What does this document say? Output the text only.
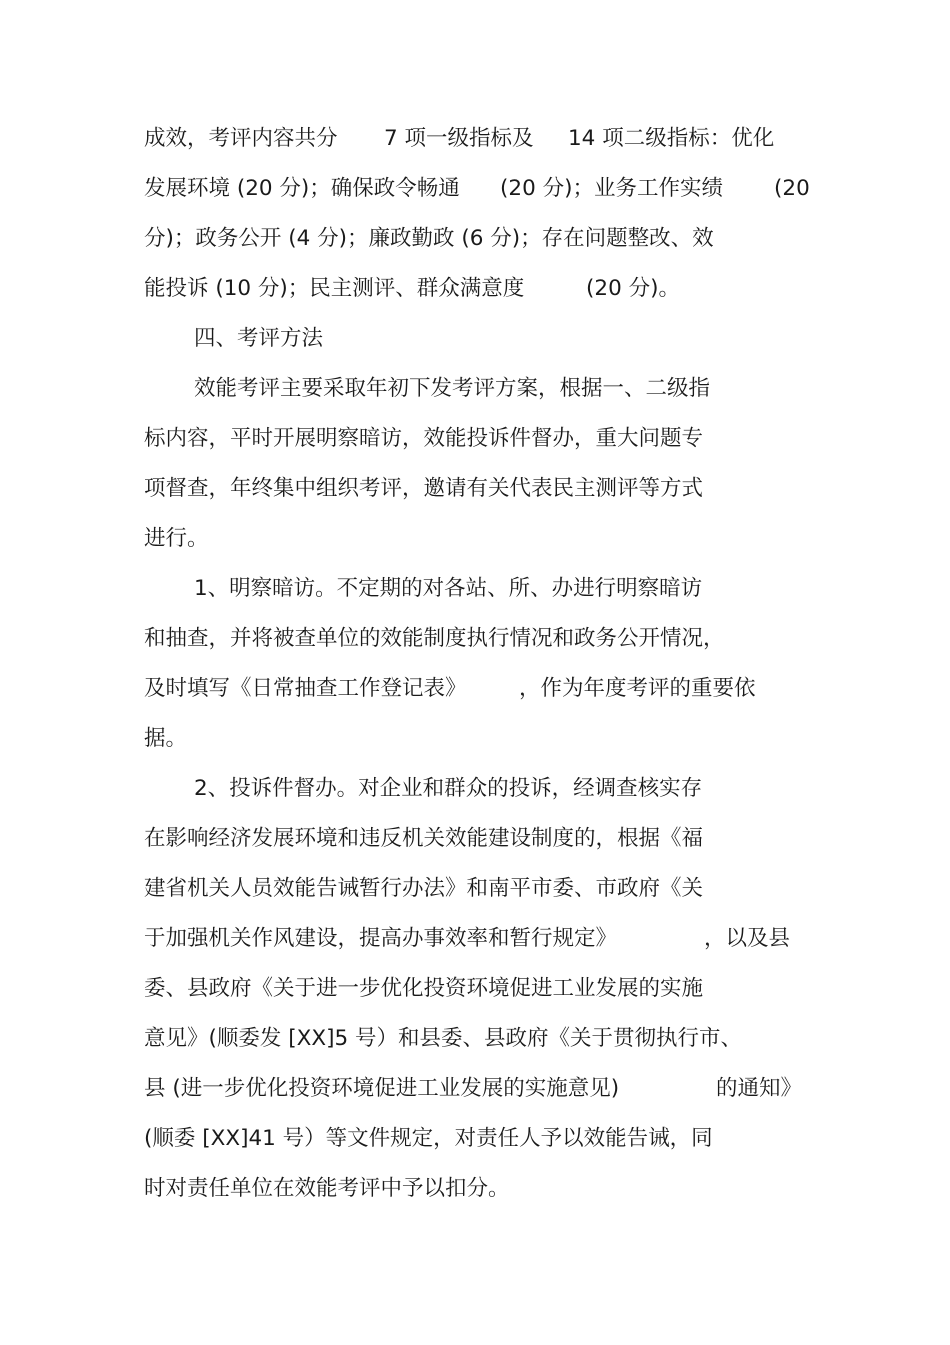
成效，考评内容共分

7 项一级指标及

14 项二级指标：优化

发展环境 (20 分)；确保政令畅通

(20 分)；业务工作实绩

(20

分)；政务公开 (4 分)；廉政勤政 (6 分)；存在问题整改、效

能投诉 (10 分)；民主测评、群众满意度

	(20 分)。

四、考评方法

效能考评主要采取年初下发考评方案，根据一、二级指

标内容，平时开展明察暗访，效能投诉件督办，重大问题专

项督查，年终集中组织考评，邀请有关代表民主测评等方式

进行。

1、明察暗访。不定期的对各站、所、办进行明察暗访

和抽查，并将被查单位的效能制度执行情况和政务公开情况，

及时填写《日常抽查工作登记表》

，作为年度考评的重要依

据。

2、投诉件督办。对企业和群众的投诉，经调查核实存

在影响经济发展环境和违反机关效能建设制度的，根据《福

建省机关人员效能告诫暂行办法》和南平市委、市政府《关

于加强机关作风建设，提高办事效率和暂行规定》

	，以及县

委、县政府《关于进一步优化投资环境促进工业发展的实施

意见》(顺委发 [XX]5 号）和县委、县政府《关于贯彻执行市、

县 (进一步优化投资环境促进工业发展的实施意见)

	的通知》

(顺委 [XX]41 号）等文件规定，对责任人予以效能告诫，同

时对责任单位在效能考评中予以扣分。
